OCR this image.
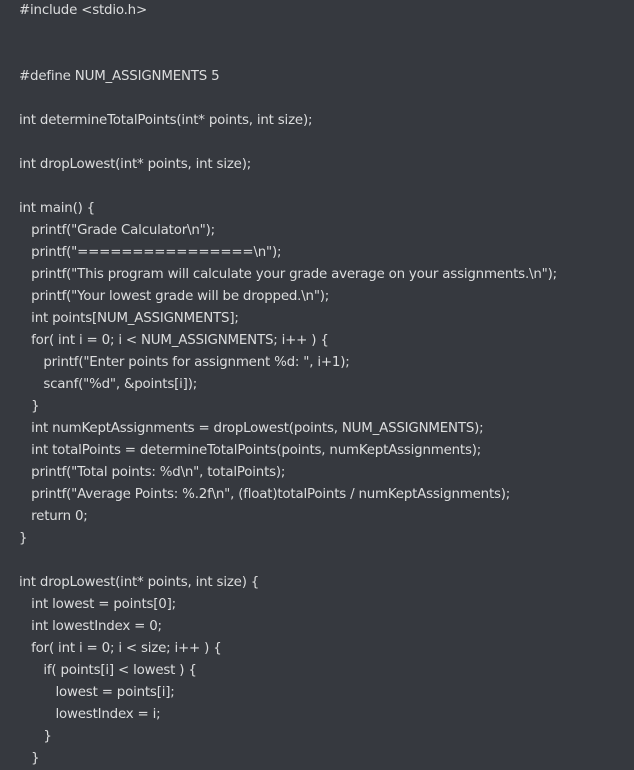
#include <stdio.h>
#define NUM_ASSIGNMENTS 5
int determineTotalPoints(int* points, int size);
int dropLowest(int* points, int size);
int main() {
printf("Grade Calculator\n");
printf("================\n");
printf("This program will calculate your grade average on your assignments.\n");
printf("Your lowest grade will be dropped.\n");
int points[NUM_ASSIGNMENTS];
for( int i = 0; i < NUM_ASSIGNMENTS; i++ ) {
printf("Enter points for assignment %d: ", i+1);
scanf("%d", &points[i]);
}
int numKeptAssignments = dropLowest(points, NUM_ASSIGNMENTS);
int totalPoints = determineTotalPoints(points, numKeptAssignments);
printf("Total points: %d\n", totalPoints);
printf("Average Points: %.2f\n", (float)totalPoints / numKeptAssignments);
return 0;
}
int dropLowest(int* points, int size) {
int lowest = points[0];
int lowestIndex = 0;
for( int i = 0; i < size; i++ ) {
if( points[i] < lowest ) {
lowest = points[i];
lowestIndex = i;
}
}
